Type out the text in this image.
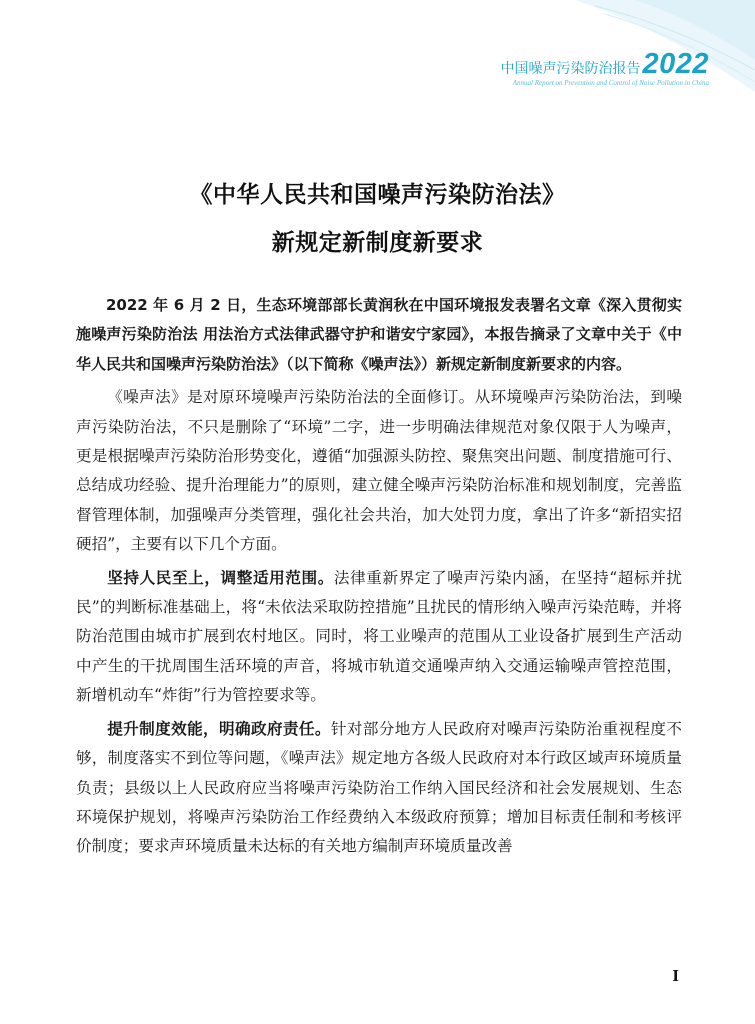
中国噪声污染防治报告2022
Annual Report on Prevention and Control of Noise Pollution in China
《中华人民共和国噪声污染防治法》
新规定新制度新要求

2022 年 6 月 2 日，生态环境部部长黄润秋在中国环境报发表署名文章《深入贯彻实施噪声污染防治法 用法治方式法律武器守护和谐安宁家园》，本报告摘录了文章中关于《中华人民共和国噪声污染防治法》（以下简称《噪声法》）新规定新制度新要求的内容。

《噪声法》是对原环境噪声污染防治法的全面修订。从环境噪声污染防治法，到噪声污染防治法，不只是删除了“环境”二字，进一步明确法律规范对象仅限于人为噪声，更是根据噪声污染防治形势变化，遵循“加强源头防控、聚焦突出问题、制度措施可行、总结成功经验、提升治理能力”的原则，建立健全噪声污染防治标准和规划制度，完善监督管理体制，加强噪声分类管理，强化社会共治，加大处罚力度，拿出了许多“新招实招硬招”，主要有以下几个方面。

坚持人民至上，调整适用范围。法律重新界定了噪声污染内涵，在坚持“超标并扰民”的判断标准基础上，将“未依法采取防控措施”且扰民的情形纳入噪声污染范畴，并将防治范围由城市扩展到农村地区。同时，将工业噪声的范围从工业设备扩展到生产活动中产生的干扰周围生活环境的声音，将城市轨道交通噪声纳入交通运输噪声管控范围，新增机动车“炸街”行为管控要求等。

提升制度效能，明确政府责任。针对部分地方人民政府对噪声污染防治重视程度不够，制度落实不到位等问题，《噪声法》规定地方各级人民政府对本行政区域声环境质量负责；县级以上人民政府应当将噪声污染防治工作纳入国民经济和社会发展规划、生态环境保护规划，将噪声污染防治工作经费纳入本级政府预算；增加目标责任制和考核评价制度；要求声环境质量未达标的有关地方编制声环境质量改善

I
